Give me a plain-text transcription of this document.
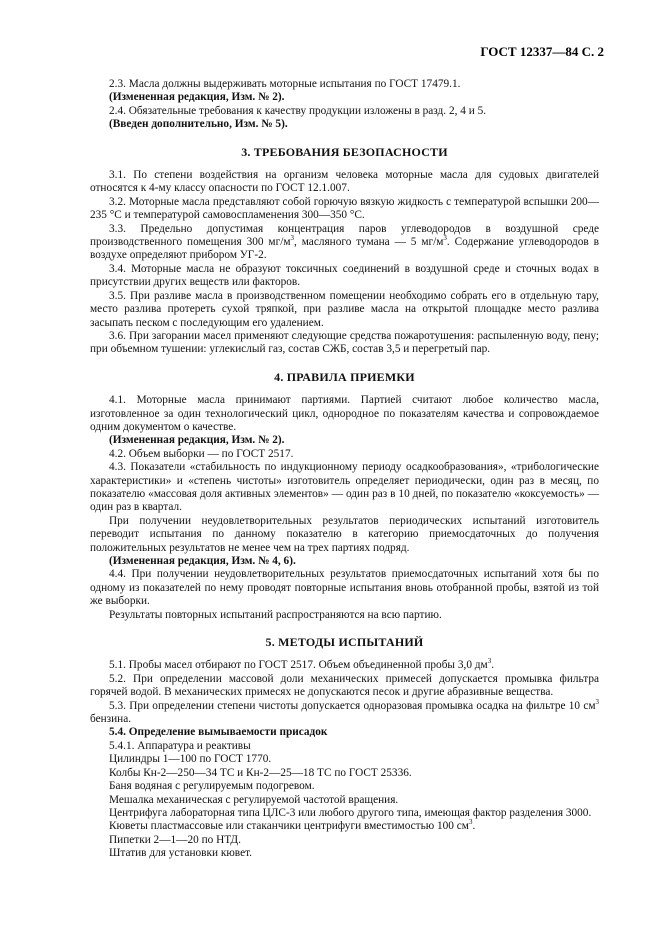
ГОСТ 12337—84 С. 2

2.3. Масла должны выдерживать моторные испытания по ГОСТ 17479.1.

(Измененная редакция, Изм. № 2).

2.4. Обязательные требования к качеству продукции изложены в разд. 2, 4 и 5.

(Введен дополнительно, Изм. № 5).

3. ТРЕБОВАНИЯ БЕЗОПАСНОСТИ

3.1. По степени воздействия на организм человека моторные масла для судовых двигателей относятся к 4-му классу опасности по ГОСТ 12.1.007.

3.2. Моторные масла представляют собой горючую вязкую жидкость с температурой вспышки 200—235 °С и температурой самовоспламенения 300—350 °С.

3.3. Предельно допустимая концентрация паров углеводородов в воздушной среде производственного помещения 300 $мг/м^3$, масляного тумана — 5 $мг/м^3$. Содержание углеводородов в воздухе определяют прибором УГ-2.

3.4. Моторные масла не образуют токсичных соединений в воздушной среде и сточных водах в присутствии других веществ или факторов.

3.5. При разливе масла в производственном помещении необходимо собрать его в отдельную тару, место разлива протереть сухой тряпкой, при разливе масла на открытой площадке место разлива засыпать песком с последующим его удалением.

3.6. При загорании масел применяют следующие средства пожаротушения: распыленную воду, пену; при объемном тушении: углекислый газ, состав СЖБ, состав 3,5 и перегретый пар.

4. ПРАВИЛА ПРИЕМКИ

4.1. Моторные масла принимают партиями. Партией считают любое количество масла, изготовленное за один технологический цикл, однородное по показателям качества и сопровождаемое одним документом о качестве.

(Измененная редакция, Изм. № 2).

4.2. Объем выборки — по ГОСТ 2517.

4.3. Показатели «стабильность по индукционному периоду осадкообразования», «трибологические характеристики» и «степень чистоты» изготовитель определяет периодически, один раз в месяц, по показателю «массовая доля активных элементов» — один раз в 10 дней, по показателю «коксуемость» — один раз в квартал.

При получении неудовлетворительных результатов периодических испытаний изготовитель переводит испытания по данному показателю в категорию приемосдаточных до получения положительных результатов не менее чем на трех партиях подряд.

(Измененная редакция, Изм. № 4, 6).

4.4. При получении неудовлетворительных результатов приемосдаточных испытаний хотя бы по одному из показателей по нему проводят повторные испытания вновь отобранной пробы, взятой из той же выборки.

Результаты повторных испытаний распространяются на всю партию.

5. МЕТОДЫ ИСПЫТАНИЙ

5.1. Пробы масел отбирают по ГОСТ 2517. Объем объединенной пробы 3,0 $дм^3$.

5.2. При определении массовой доли механических примесей допускается промывка фильтра горячей водой. В механических примесях не допускаются песок и другие абразивные вещества.

5.3. При определении степени чистоты допускается одноразовая промывка осадка на фильтре 10 $см^3$ бензина.

5.4. Определение вымываемости присадок

5.4.1. Аппаратура и реактивы

Цилиндры 1—100 по ГОСТ 1770.

Колбы Кн-2—250—34 ТС и Кн-2—25—18 ТС по ГОСТ 25336.

Баня водяная с регулируемым подогревом.

Мешалка механическая с регулируемой частотой вращения.

Центрифуга лабораторная типа ЦЛС-3 или любого другого типа, имеющая фактор разделения 3000.

Кюветы пластмассовые или стаканчики центрифуги вместимостью 100 $см^3$.

Пипетки 2—1—20 по НТД.

Штатив для установки кювет.
